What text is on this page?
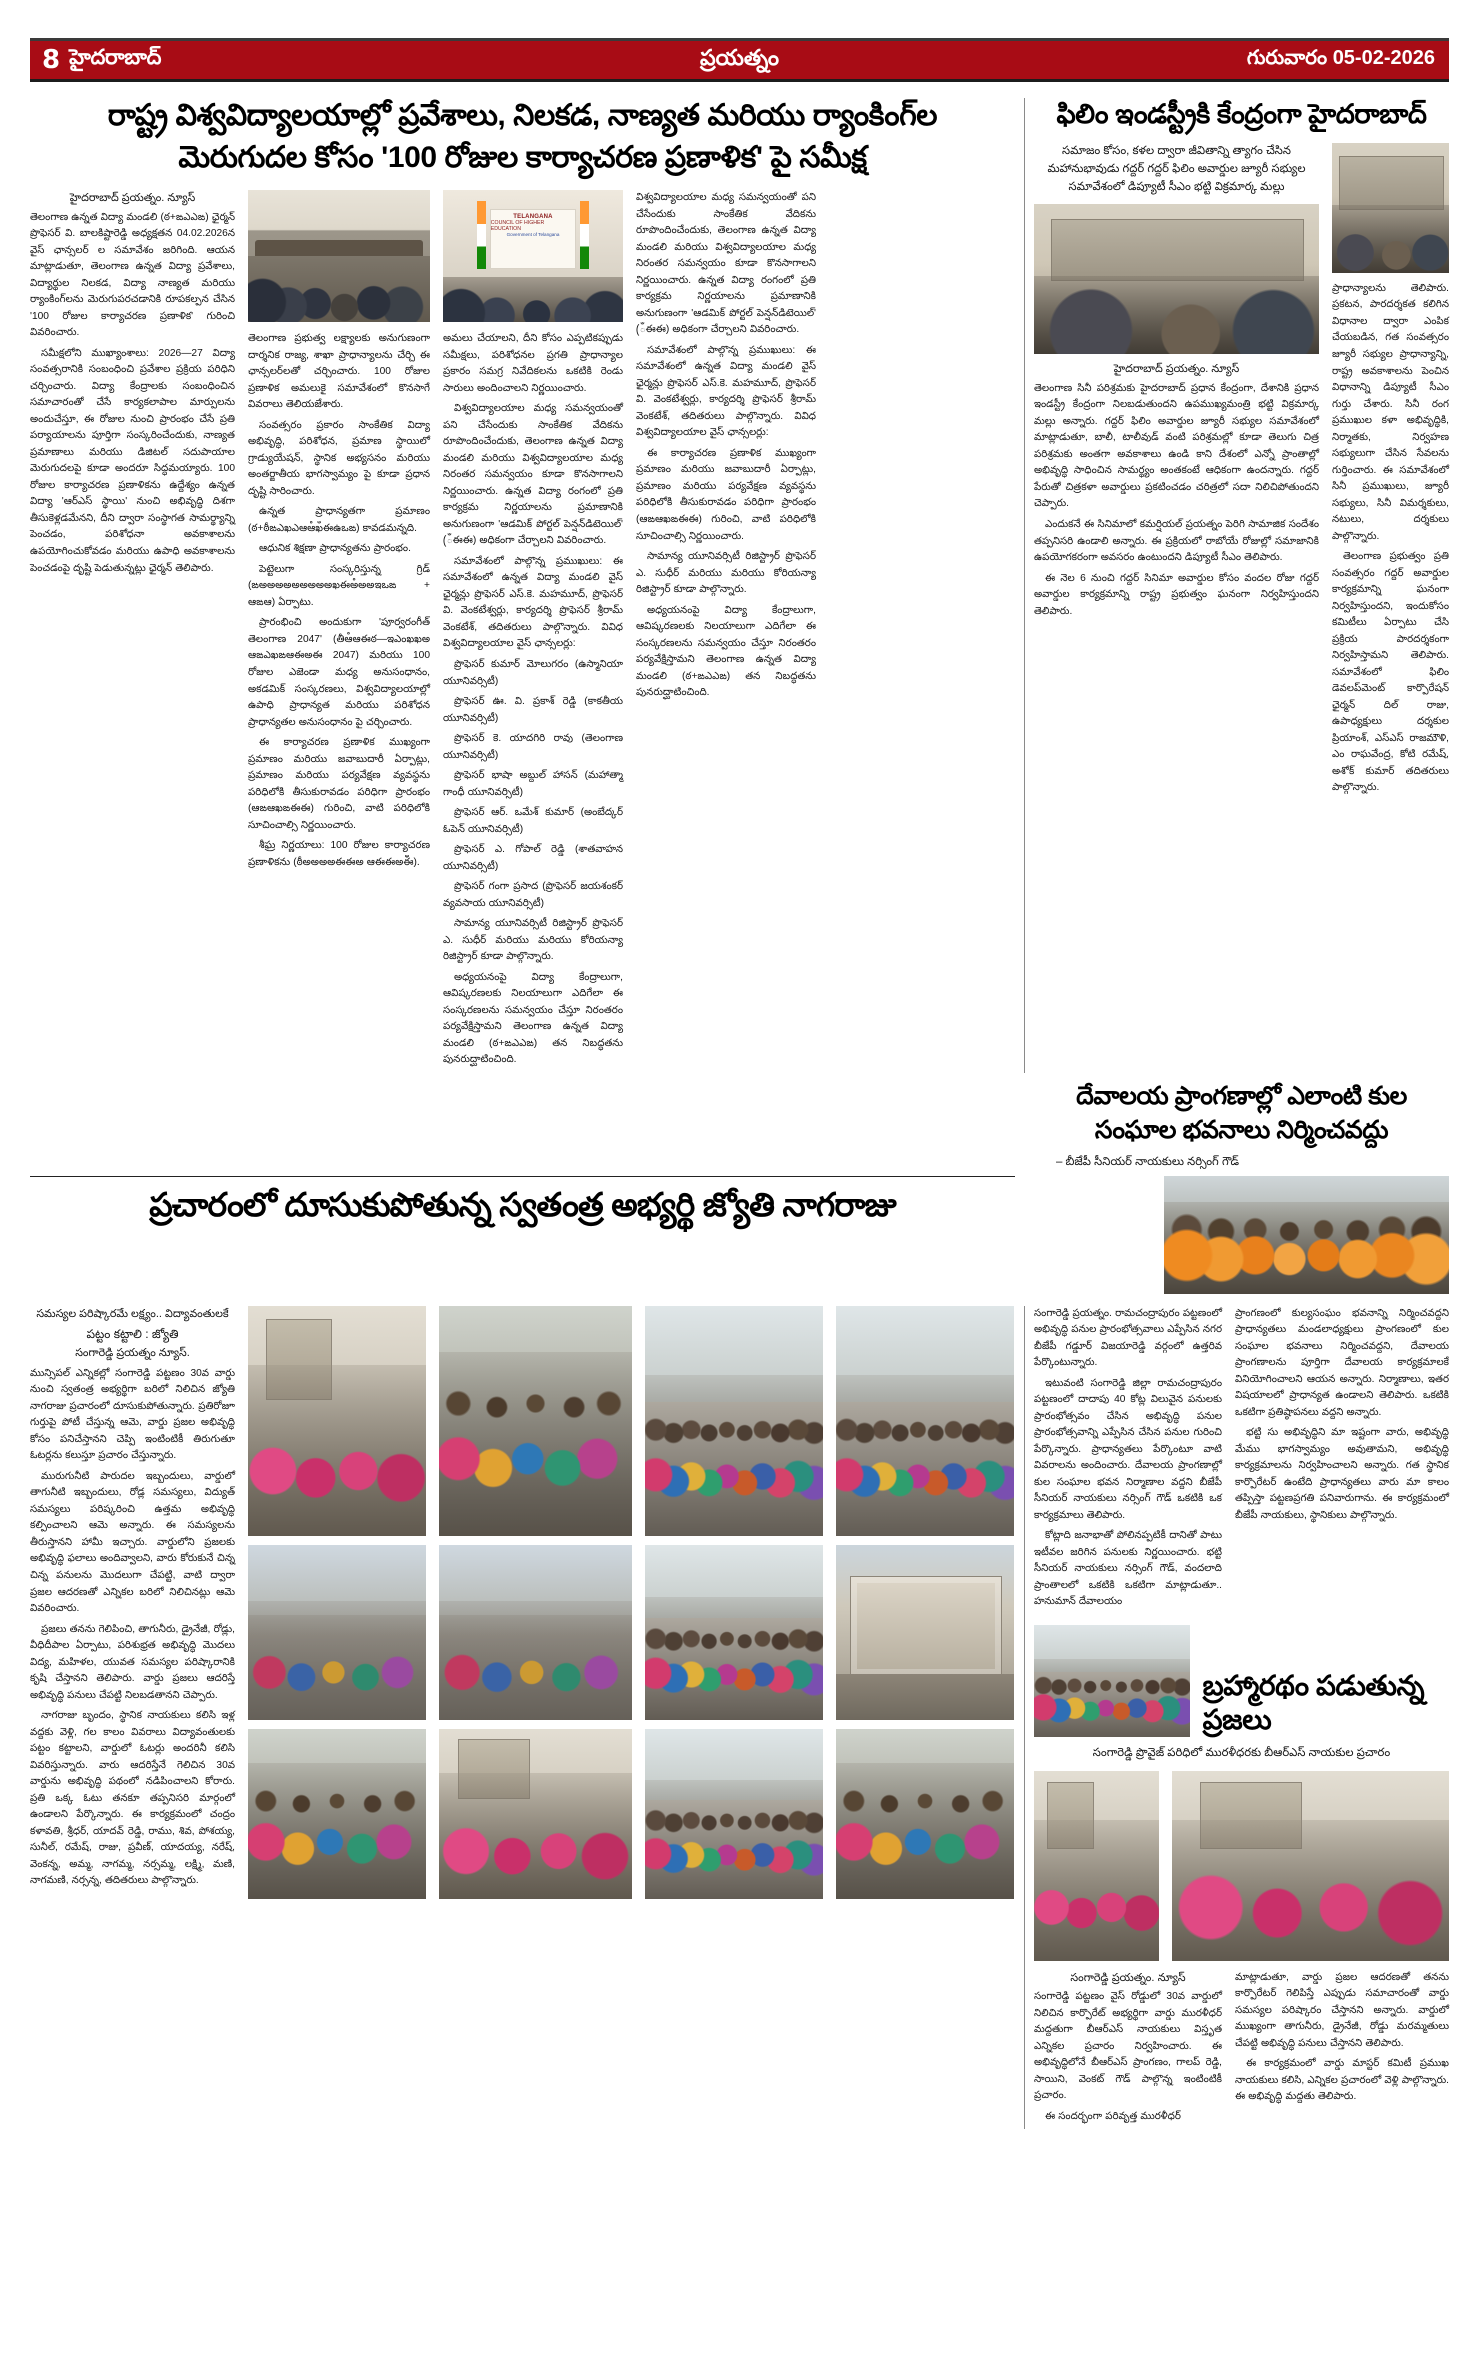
8 హైదరాబాద్	ప్రయత్నం	గురువారం 05-02-2026
రాష్ట్ర విశ్వవిద్యాలయాల్లో ప్రవేశాలు, నిలకడ, నాణ్యత మరియు ర్యాంకింగ్‌ల
మెరుగుదల కోసం '100 రోజుల కార్యాచరణ ప్రణాళిక' పై సమీక్ష
హైదరాబాద్ ప్రయత్నం. న్యూస్

తెలంగాణ ఉన్నత విద్యా మండలి (ఠ+ఙఎఎఙ) ఛైర్మన్ ప్రొఫెసర్ వి. బాలకిష్టారెడ్డి అధ్యక్షతన 04.02.2026న వైస్ ఛాన్సలర్ ల సమావేశం జరిగింది. ఆయన మాట్లాడుతూ, తెలంగాణ ఉన్నత విద్యా ప్రవేశాలు, విద్యార్థుల నిలకడ, విద్యా నాణ్యత మరియు ర్యాంకింగ్‌లను మెరుగుపరచడానికి రూపకల్పన చేసిన '100 రోజుల కార్యాచరణ ప్రణాళిక' గురించి వివరించారు.

సమీక్షలోని ముఖ్యాంశాలు: 2026—27 విద్యా సంవత్సరానికి సంబంధించి ప్రవేశాల ప్రక్రియ పరిధిని చర్చించారు. విద్యా కేంద్రాలకు సంబంధించిన సమాచారంతో చేసే కార్యకలాపాల మార్పులను అందుచేస్తూ, ఈ రోజుల నుంచి ప్రారంభం చేసే ప్రతి పర్యాయాలను పూర్తిగా సంస్కరించేందుకు, నాణ్యత ప్రమాణాలు మరియు డిజిటల్ సదుపాయాల మెరుగుదలపై కూడా అందరూ సిద్ధమయ్యారు. 100 రోజుల కార్యాచరణ ప్రణాళికను ఉద్దేశ్యం ఉన్నత విద్యా 'ఆర్ఎస్ స్థాయి' నుంచి అభివృద్ధి దిశగా తీసుకెళ్లడమేనని, దీని ద్వారా సంస్థాగత సామర్థ్యాన్ని పెంచడం, పరిశోధనా అవకాశాలను ఉపయోగించుకోవడం మరియు ఉపాధి అవకాశాలను పెంచడంపై దృష్టి పెడుతున్నట్లు ఛైర్మన్ తెలిపారు.

TELANGANA
COUNCIL OF HIGHER EDUCATION
Government of Telangana

తెలంగాణ ప్రభుత్వ లక్ష్యాలకు అనుగుణంగా దార్శనిక రాజ్య, శాఖా ప్రాధాన్యాలను చేర్చి ఈ ఛాన్సలర్‌లతో చర్చించారు. 100 రోజుల ప్రణాళిక అమలుకై సమావేశంలో కొనసాగే వివరాలు తెలియజేశారు.

సంవత్సరం ప్రకారం సాంకేతిక విద్యా అభివృద్ధి, పరిశోధన, ప్రమాణ స్థాయిలో గ్రాడ్యుయేషన్, స్థానిక అభ్యసనం మరియు అంతర్జాతీయ భాగస్వామ్యం పై కూడా ప్రధాన దృష్టి సారించారు.

ఉన్నత ప్రాధాన్యతగా ప్రమాణం (ఠ+ఠీఙఎఖఎఆఆఄఖఀఈఉఒఙ) కావడమన్నది.

ఆధునిక శిక్షణా ప్రాధాన్యతను ప్రారంభం.

పెట్టెలుగా సంస్కరిస్తున్న గ్రిడ్ (ఙఅఅఅఅఅఅఅఅఅఖఈఅఄఅఅఇఒఙ + ఆఙఆ) ఏర్పాటు.

ప్రారంభించి అందుకుగా 'పూర్వరంగీత్ తెలంగాణ 2047' (తీఆఄఆఈఠ—ఇఎంఖఖఅ ఆఙఎఖఙఆఈఅఈ 2047) మరియు 100 రోజుల ఎజెండా మధ్య అనుసంధానం, అకడమిక్ సంస్కరణలు, విశ్వవిద్యాలయాల్లో ఉపాధి ప్రాధాన్యత మరియు పరిశోధన ప్రాధాన్యతల అనుసంధానం పై చర్చించారు.

ఈ కార్యాచరణ ప్రణాళిక ముఖ్యంగా ప్రమాణం మరియు జవాబుదారీ ఏర్పాట్లు, ప్రమాణం మరియు పర్యవేక్షణ వ్యవస్థను పరిధిలోకి తీసుకురావడం పరిధిగా ప్రారంభం (ఆఙఆఖఙఈఈ) గురించి, వాటి పరిధిలోకి సూచించాల్సి నిర్ణయించారు.

శీఘ్ర నిర్ణయాలు: 100 రోజుల కార్యాచరణ ప్రణాళికను (ఠీఅఅఅఅఈఈఅ ఆఈఈఅఈఀఀ).

అమలు చేయాలని, దీని కోసం ఎప్పటికప్పుడు సమీక్షలు, పరిశోధనల ప్రగతి ప్రాధాన్యాల ప్రకారం సమగ్ర నివేదికలను ఒకటికి రెండు సారులు అందించాలని నిర్ణయించారు.

విశ్వవిద్యాలయాల మధ్య సమన్వయంతో పని చేసేందుకు సాంకేతిక వేదికను రూపొందించేందుకు, తెలంగాణ ఉన్నత విద్యా మండలి మరియు విశ్వవిద్యాలయాల మధ్య నిరంతర సమన్వయం కూడా కొనసాగాలని నిర్ణయించారు. ఉన్నత విద్యా రంగంలో ప్రతి కార్యక్రమ నిర్ణయాలను ప్రమాణానికి అనుగుణంగా 'ఆడమిక్ పోర్టల్ పెన్షన్‌డిటెయిల్' (ఀఈఈ) అధికంగా చేర్చాలని వివరించారు.

సమావేశంలో పాల్గొన్న ప్రముఖులు: ఈ సమావేశంలో ఉన్నత విద్యా మండలి వైస్ ఛైర్మన్లు ప్రొఫెసర్ ఎస్.కె. మహమూద్, ప్రొఫెసర్ వి. వెంకటేశ్వర్లు, కార్యదర్శి ప్రొఫెసర్ శ్రీరామ్ వెంకటేశ్, తదితరులు పాల్గొన్నారు. వివిధ విశ్వవిద్యాలయాల వైస్ ఛాన్సలర్లు:

ప్రొఫెసర్ కుమార్ మోలుగరం (ఉస్మానియా యూనివర్సిటీ)

ప్రొఫెసర్ ఊ. వి. ప్రకాశ్ రెడ్డి (కాకతీయ యూనివర్సిటీ)

ప్రొఫెసర్ కె. యాదగిరి రావు (తెలంగాణ యూనివర్సిటీ)

ప్రొఫెసర్ భాషా అబ్దుల్ హాసన్ (మహాత్మా గాంధీ యూనివర్సిటీ)

ప్రొఫెసర్ ఆర్. ఒమేశ్ కుమార్ (అంబేద్కర్ ఓపెన్ యూనివర్సిటీ)

ప్రొఫెసర్ ఎ. గోపాల్ రెడ్డి (శాతవాహన యూనివర్సిటీ)

ప్రొఫెసర్ గంగా ప్రసాద (ప్రొఫెసర్ జయశంకర్ వ్యవసాయ యూనివర్సిటీ)

సామాన్య యూనివర్సిటీ రిజిస్ట్రార్ ప్రొఫెసర్ ఎ. సుధీర్ మరియు మరియు కోరియన్యా రిజిస్ట్రార్ కూడా పాల్గొన్నారు.

అధ్యయనంపై విద్యా కేంద్రాలుగా, ఆవిష్కరణలకు నిలయాలుగా ఎదిగేలా ఈ సంస్కరణలను సమన్వయం చేస్తూ నిరంతరం పర్యవేక్షిస్తామని తెలంగాణ ఉన్నత విద్యా మండలి (ఠ+ఙఎఎఙ) తన నిబద్ధతను పునరుద్ఘాటించింది.

విశ్వవిద్యాలయాల మధ్య సమన్వయంతో పని చేసేందుకు సాంకేతిక వేదికను రూపొందించేందుకు, తెలంగాణ ఉన్నత విద్యా మండలి మరియు విశ్వవిద్యాలయాల మధ్య నిరంతర సమన్వయం కూడా కొనసాగాలని నిర్ణయించారు. ఉన్నత విద్యా రంగంలో ప్రతి కార్యక్రమ నిర్ణయాలను ప్రమాణానికి అనుగుణంగా 'ఆడమిక్ పోర్టల్ పెన్షన్‌డిటెయిల్' (ఀఈఈ) అధికంగా చేర్చాలని వివరించారు.

సమావేశంలో పాల్గొన్న ప్రముఖులు: ఈ సమావేశంలో ఉన్నత విద్యా మండలి వైస్ ఛైర్మన్లు ప్రొఫెసర్ ఎస్.కె. మహమూద్, ప్రొఫెసర్ వి. వెంకటేశ్వర్లు, కార్యదర్శి ప్రొఫెసర్ శ్రీరామ్ వెంకటేశ్, తదితరులు పాల్గొన్నారు. వివిధ విశ్వవిద్యాలయాల వైస్ ఛాన్సలర్లు:

ఈ కార్యాచరణ ప్రణాళిక ముఖ్యంగా ప్రమాణం మరియు జవాబుదారీ ఏర్పాట్లు, ప్రమాణం మరియు పర్యవేక్షణ వ్యవస్థను పరిధిలోకి తీసుకురావడం పరిధిగా ప్రారంభం (ఆఙఆఖఙఈఈ) గురించి, వాటి పరిధిలోకి సూచించాల్సి నిర్ణయించారు.

సామాన్య యూనివర్సిటీ రిజిస్ట్రార్ ప్రొఫెసర్ ఎ. సుధీర్ మరియు మరియు కోరియన్యా రిజిస్ట్రార్ కూడా పాల్గొన్నారు.

అధ్యయనంపై విద్యా కేంద్రాలుగా, ఆవిష్కరణలకు నిలయాలుగా ఎదిగేలా ఈ సంస్కరణలను సమన్వయం చేస్తూ నిరంతరం పర్యవేక్షిస్తామని తెలంగాణ ఉన్నత విద్యా మండలి (ఠ+ఙఎఎఙ) తన నిబద్ధతను పునరుద్ఘాటించింది.

ఫిలిం ఇండస్ట్రీకి కేంద్రంగా హైదరాబాద్
సమాజం కోసం, కళల ద్వారా జీవితాన్ని త్యాగం చేసిన మహానుభావుడు గద్దర్ గద్దర్ ఫిలిం అవార్డుల జ్యూరీ సభ్యుల సమావేశంలో డిప్యూటీ సీఎం భట్టి విక్రమార్క మల్లు
హైదరాబాద్ ప్రయత్నం. న్యూస్

తెలంగాణ సినీ పరిశ్రమకు హైదరాబాద్ ప్రధాన కేంద్రంగా, దేశానికి ప్రధాన ఇండస్ట్రీ కేంద్రంగా నిలబడుతుందని ఉపముఖ్యమంత్రి భట్టి విక్రమార్క మల్లు అన్నారు. గద్దర్ ఫిలిం అవార్డుల జ్యూరీ సభ్యుల సమావేశంలో మాట్లాడుతూ, బాలీ, టాలీవుడ్ వంటి పరిశ్రమల్లో కూడా తెలుగు చిత్ర పరిశ్రమకు అంతగా అవకాశాలు ఉండి కాని దేశంలో ఎన్నో ప్రాంతాల్లో అభివృద్ధి సాధించిన సామర్థ్యం అంతకంటే ఆధికంగా ఉందన్నారు. గద్దర్ పేరుతో చిత్రకళా అవార్డులు ప్రకటించడం చరిత్రలో సదా నిలిచిపోతుందని చెప్పారు.

ఎందుకనే ఈ సినిమాలో కమర్షియల్ ప్రయత్నం పెరిగి సామాజిక సందేశం తప్పనిసరి ఉండాలి అన్నారు. ఈ ప్రక్రియలో రాబోయే రోజుల్లో సమాజానికి ఉపయోగకరంగా అవసరం ఉంటుందని డిప్యూటీ సీఎం తెలిపారు.

ఈ నెల 6 నుంచి గద్దర్ సినిమా అవార్డుల కోసం వందల రోజు గద్దర్ అవార్డుల కార్యక్రమాన్ని రాష్ట్ర ప్రభుత్వం ఘనంగా నిర్వహిస్తుందని తెలిపారు.

ప్రాధాన్యాలను తెలిపారు. ప్రకటన, పారదర్శకత కలిగిన విధానాల ద్వారా ఎంపిక చేయబడిన, గత సంవత్సరం జ్యూరీ సభ్యుల ప్రాధాన్యాన్ని, రాష్ట్ర అవకాశాలను పెంచిన విధానాన్ని డిప్యూటీ సీఎం గుర్తు చేశారు. సినీ రంగ ప్రముఖుల కళా అభివృద్ధికి, నిర్మాతకు, నిర్వహణ సభ్యులుగా చేసిన సేవలను గుర్తించారు. ఈ సమావేశంలో సినీ ప్రముఖులు, జ్యూరీ సభ్యులు, సినీ విమర్శకులు, నటులు, దర్శకులు పాల్గొన్నారు.

తెలంగాణ ప్రభుత్వం ప్రతి సంవత్సరం గద్దర్ అవార్డుల కార్యక్రమాన్ని ఘనంగా నిర్వహిస్తుందని, ఇందుకోసం కమిటీలు ఏర్పాటు చేసి ప్రక్రియ పారదర్శకంగా నిర్వహిస్తామని తెలిపారు. సమావేశంలో ఫిలిం డెవలప్‌మెంట్ కార్పొరేషన్ ఛైర్మన్ దిల్ రాజు, ఉపాధ్యక్షులు దర్శకుల ప్రియాంశ్, ఎస్ఎస్ రాజమౌళి, ఎం రాఘవేంద్ర, కోటి రమేష్, అశోక్ కుమార్ తదితరులు పాల్గొన్నారు.

దేవాలయ ప్రాంగణాల్లో ఎలాంటి కుల
సంఘాల భవనాలు నిర్మించవద్దు
– బీజేపీ సీనియర్ నాయకులు నర్సింగ్ గౌడ్
ప్రచారంలో దూసుకుపోతున్న స్వతంత్ర అభ్యర్థి జ్యోతి నాగరాజు
సమస్యల పరిష్కారమే లక్ష్యం.. విద్యావంతులకే
పట్టం కట్టాలి : జ్యోతి
సంగారెడ్డి ప్రయత్నం న్యూస్.

మున్సిపల్ ఎన్నికల్లో సంగారెడ్డి పట్టణం 30వ వార్డు నుంచి స్వతంత్ర అభ్యర్థిగా బరిలో నిలిచిన జ్యోతి నాగరాజు ప్రచారంలో దూసుకుపోతున్నారు. ప్రతిరోజూ గుర్తుపై పోటీ చేస్తున్న ఆమె, వార్డు ప్రజల అభివృద్ధి కోసం పనిచేస్తానని చెప్పి ఇంటింటికీ తిరుగుతూ ఓటర్లను కలుస్తూ ప్రచారం చేస్తున్నారు.

మురుగునీటి పారుదల ఇబ్బందులు, వార్డులో తాగునీటి ఇబ్బందులు, రోడ్ల సమస్యలు, విద్యుత్ సమస్యలు పరిష్కరించి ఉత్తమ అభివృద్ధి కల్పించాలని ఆమె అన్నారు. ఈ సమస్యలను తీరుస్తానని హామీ ఇచ్చారు. వార్డులోని ప్రజలకు అభివృద్ధి ఫలాలు అందివ్వాలని, వారు కోరుకునే చిన్న చిన్న పనులను మొదలుగా చేపట్టి, వాటి ద్వారా ప్రజల ఆదరణతో ఎన్నికల బరిలో నిలిచినట్లు ఆమె వివరించారు.

ప్రజలు తనను గెలిపించి, తాగునీరు, డ్రైనేజీ, రోడ్లు, వీధిదీపాల ఏర్పాటు, పరిశుభ్రత అభివృద్ధి మొదలు విద్య, మహిళల, యువత సమస్యల పరిష్కారానికి కృషి చేస్తానని తెలిపారు. వార్డు ప్రజలు ఆదరిస్తే అభివృద్ధి పనులు చేపట్టి నిలబడతానని చెప్పారు.

నాగరాజు బృందం, స్థానిక నాయకులు కలిసి ఇళ్ల వద్దకు వెళ్లి, గల కాలం వివరాలు విద్యావంతులకు పట్టం కట్టాలని, వార్డులో ఓటర్లు అందరినీ కలిసి వివరిస్తున్నారు. వారు ఆదరిస్తేనే గెలిచిన 30వ వార్డును అభివృద్ధి పథంలో నడిపించాలని కోరారు. ప్రతి ఒక్క ఓటు తనకూ తప్పనిసరి మార్గంలో ఉండాలని పేర్కొన్నారు. ఈ కార్యక్రమంలో చంద్రం కళావతి, శ్రీధర్, యాదవ్ రెడ్డి, రాము, శివ, పోశయ్య, సునీల్, రమేష్, రాజు, ప్రవీణ్, యాదయ్య, నరేష్, వెంకన్న, అమ్మ, నాగమ్మ, నర్సమ్మ, లక్ష్మి, మణి, నాగమణి, నర్సన్న, తదితరులు పాల్గొన్నారు.

సంగారెడ్డి ప్రయత్నం. రామచంద్రాపురం పట్టణంలో అభివృద్ధి పనుల ప్రారంభోత్సవాలు ఎప్పేసిన నగర బీజేపీ గడ్డూర్ విజయారెడ్డి వర్గంలో ఉత్తరివ పేర్కొంటున్నారు.

ఇటువంటి సంగారెడ్డి జిల్లా రామచంద్రాపురం పట్టణంలో దాదాపు 40 కోట్ల విలువైన పనులకు ప్రారంభోత్సవం చేసిన అభివృద్ధి పనుల ప్రారంభోత్సవాన్ని ఎప్పేసిన చేసిన పనుల గురించి పేర్కొన్నారు. ప్రాధాన్యతలు పేర్కొంటూ వాటి వివరాలను అందించారు. దేవాలయ ప్రాంగణాల్లో కుల సంఘాల భవన నిర్మాణాల వద్దని బీజేపీ సీనియర్ నాయకులు నర్సింగ్ గౌడ్ ఒకటికి ఒక కార్యక్రమాలు తెలిపారు.

కోట్లాది జనాభాతో పోలినప్పటికీ దానితో పాటు ఇటీవల జరిగిన పనులకు నిర్ణయించారు. భట్టి సీనియర్ నాయకులు నర్సింగ్ గౌడ్, వందలాది ప్రాంతాలలో ఒకటికి ఒకటిగా మాట్లాడుతూ.. హనుమాన్ దేవాలయం

ప్రాంగణంలో కుల్యసంఘం భవనాన్ని నిర్మించవద్దని ప్రాధాన్యతలు మండలాధ్యక్షులు ప్రాంగణంలో కుల సంఘాల భవనాలు నిర్మించవద్దని, దేవాలయ ప్రాంగణాలను పూర్తిగా దేవాలయ కార్యక్రమాలకే వినియోగించాలని ఆయన అన్నారు. నిర్మాణాలు, ఇతర విషయాలలో ప్రాధాన్యత ఉండాలని తెలిపారు. ఒకటికి ఒకటిగా ప్రతిష్ఠాపనలు వద్దని అన్నారు.

భట్టి సు అభివృద్ధిని మా ఇష్టంగా వారు, అభివృద్ధి మేము భాగస్వామ్యం అవుతామని, అభివృద్ధి కార్యక్రమాలను నిర్వహించాలని అన్నారు. గత స్థానిక కార్పొరేటర్ ఉంటేది ప్రాధాన్యతలు వారు మా కాలం తప్పిస్తా పట్టణప్రగతి పనివారుగాను. ఈ కార్యక్రమంలో బీజేపీ నాయకులు, స్థానికులు పాల్గొన్నారు.

బ్రహ్మారథం పడుతున్న ప్రజలు
సంగారెడ్డి ప్రొవైజ్ పరిధిలో మురళీధరకు బీఆర్ఎస్ నాయకుల ప్రచారం
సంగారెడ్డి ప్రయత్నం. న్యూస్

సంగారెడ్డి పట్టణం వైస్ రోడ్డులో 30వ వార్డులో నిలిచిన కార్పొరేట్ అభ్యర్థిగా వార్డు మురళీధర్ మద్దతుగా బీఆర్ఎస్ నాయకులు విస్తృత ఎన్నికల ప్రచారం నిర్వహించారు. ఈ అభివృద్ధిలోనే బీఆర్ఎస్ ప్రాంగణం, గాలప్ రెడ్డి, సాయిని, వెంకట్ గౌడ్ పాల్గొన్న ఇంటింటికీ ప్రచారం.

ఈ సందర్భంగా పరివృత్త మురళీధర్

మాట్లాడుతూ, వార్డు ప్రజల ఆదరణతో తనను కార్పొరేటర్ గెలిపిస్తే ఎప్పుడు సమాచారంతో వార్డు సమస్యల పరిష్కారం చేస్తానని అన్నారు. వార్డులో ముఖ్యంగా తాగునీరు, డ్రైనేజీ, రోడ్డు మరమ్మతులు చేపట్టి అభివృద్ధి పనులు చేస్తానని తెలిపారు.

ఈ కార్యక్రమంలో వార్డు మాస్టర్ కమిటీ ప్రముఖ నాయకులు కలిసి, ఎన్నికల ప్రచారంలో వెళ్లి పాల్గొన్నారు. ఈ అభివృద్ధి మద్దతు తెలిపారు.
